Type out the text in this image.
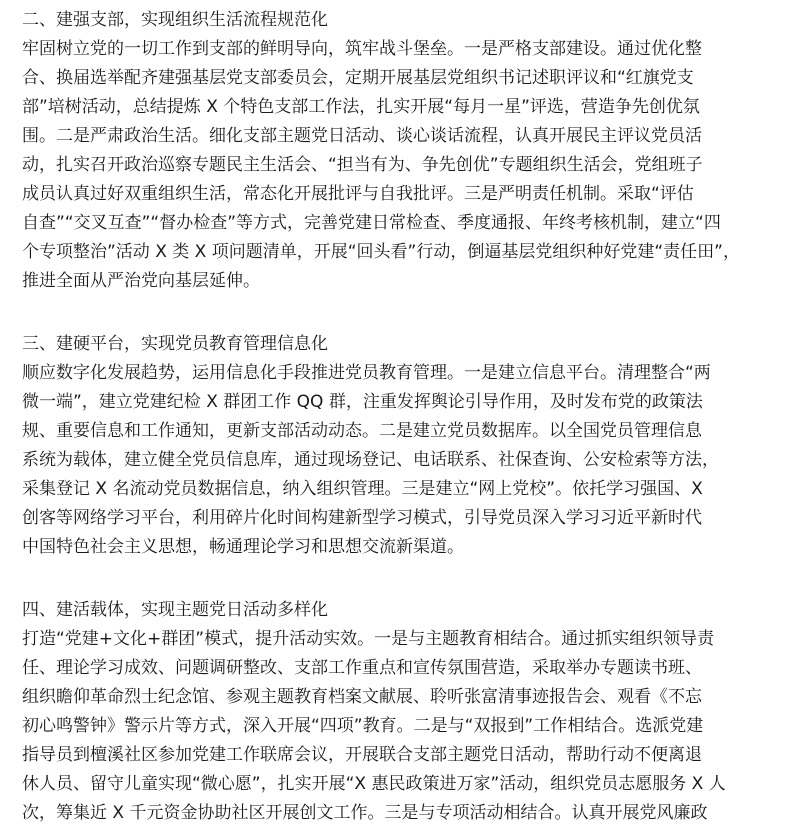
二、建强支部，实现组织生活流程规范化

牢固树立党的一切工作到支部的鲜明导向，筑牢战斗堡垒。一是严格支部建设。通过优化整
合、换届选举配齐建强基层党支部委员会，定期开展基层党组织书记述职评议和“红旗党支
部”培树活动，总结提炼 X 个特色支部工作法，扎实开展“每月一星”评选，营造争先创优氛
围。二是严肃政治生活。细化支部主题党日活动、谈心谈话流程，认真开展民主评议党员活
动，扎实召开政治巡察专题民主生活会、“担当有为、争先创优”专题组织生活会，党组班子
成员认真过好双重组织生活，常态化开展批评与自我批评。三是严明责任机制。采取“评估
自查”“交叉互查”“督办检查”等方式，完善党建日常检查、季度通报、年终考核机制，建立“四
个专项整治”活动 X 类 X 项问题清单，开展“回头看”行动，倒逼基层党组织种好党建“责任田”，
推进全面从严治党向基层延伸。

三、建硬平台，实现党员教育管理信息化

顺应数字化发展趋势，运用信息化手段推进党员教育管理。一是建立信息平台。清理整合“两
微一端”，建立党建纪检 X 群团工作 QQ 群，注重发挥舆论引导作用，及时发布党的政策法
规、重要信息和工作通知，更新支部活动动态。二是建立党员数据库。以全国党员管理信息
系统为载体，建立健全党员信息库，通过现场登记、电话联系、社保查询、公安检索等方法，
采集登记 X 名流动党员数据信息，纳入组织管理。三是建立“网上党校”。依托学习强国、X
创客等网络学习平台，利用碎片化时间构建新型学习模式，引导党员深入学习习近平新时代
中国特色社会主义思想，畅通理论学习和思想交流新渠道。

四、建活载体，实现主题党日活动多样化

打造“党建+文化+群团”模式，提升活动实效。一是与主题教育相结合。通过抓实组织领导责
任、理论学习成效、问题调研整改、支部工作重点和宣传氛围营造，采取举办专题读书班、
组织瞻仰革命烈士纪念馆、参观主题教育档案文献展、聆听张富清事迹报告会、观看《不忘
初心鸣警钟》警示片等方式，深入开展“四项”教育。二是与“双报到”工作相结合。选派党建
指导员到檀溪社区参加党建工作联席会议，开展联合支部主题党日活动，帮助行动不便离退
休人员、留守儿童实现“微心愿”，扎实开展“X 惠民政策进万家”活动，组织党员志愿服务 X 人
次，筹集近 X 千元资金协助社区开展创文工作。三是与专项活动相结合。认真开展党风廉政
